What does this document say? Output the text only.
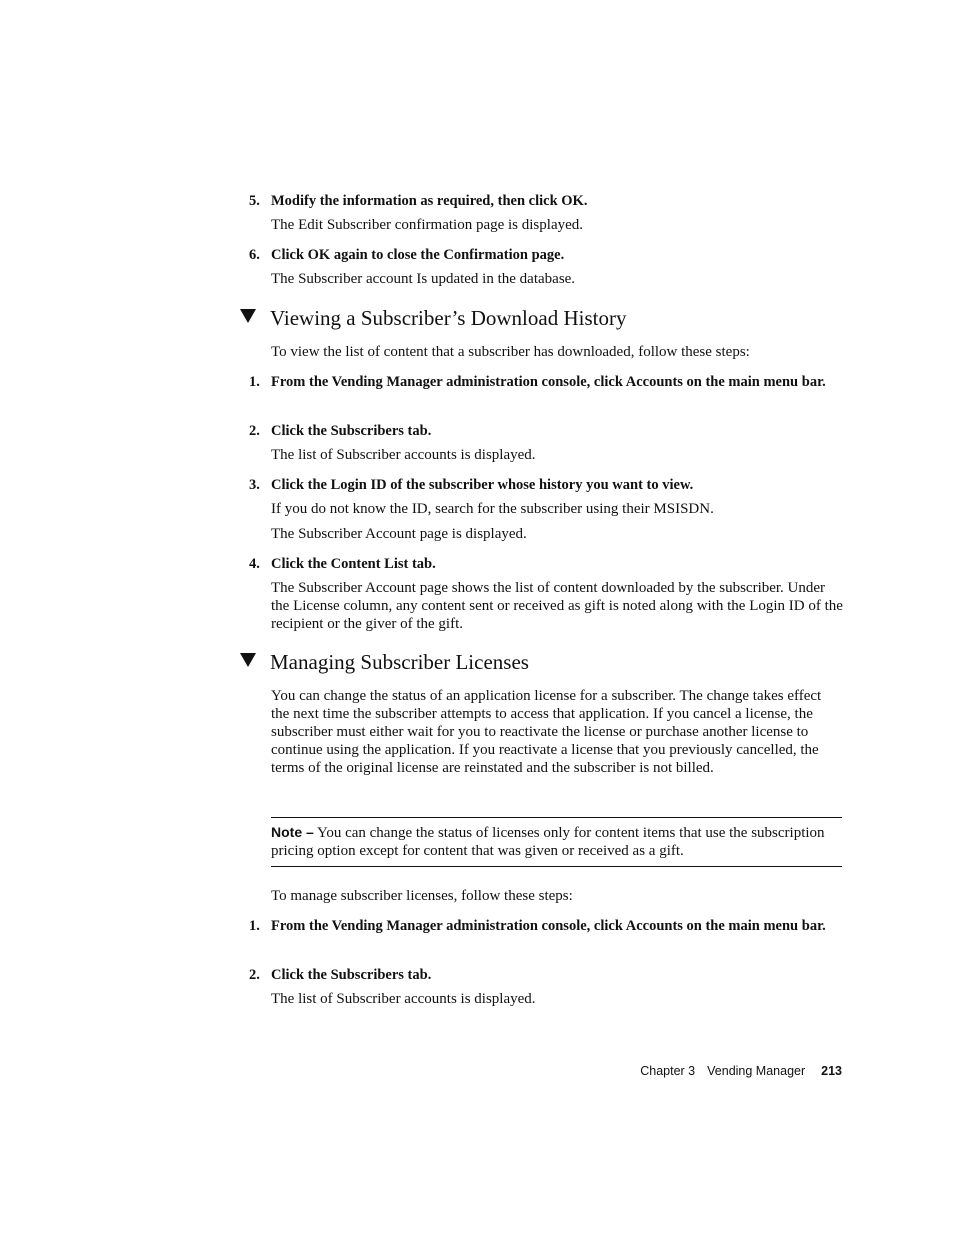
5. Modify the information as required, then click OK.
The Edit Subscriber confirmation page is displayed.
6. Click OK again to close the Confirmation page.
The Subscriber account Is updated in the database.
Viewing a Subscriber’s Download History
To view the list of content that a subscriber has downloaded, follow these steps:
1. From the Vending Manager administration console, click Accounts on the main menu bar.
2. Click the Subscribers tab.
The list of Subscriber accounts is displayed.
3. Click the Login ID of the subscriber whose history you want to view.
If you do not know the ID, search for the subscriber using their MSISDN.
The Subscriber Account page is displayed.
4. Click the Content List tab.
The Subscriber Account page shows the list of content downloaded by the subscriber. Under the License column, any content sent or received as gift is noted along with the Login ID of the recipient or the giver of the gift.
Managing Subscriber Licenses
You can change the status of an application license for a subscriber. The change takes effect the next time the subscriber attempts to access that application. If you cancel a license, the subscriber must either wait for you to reactivate the license or purchase another license to continue using the application. If you reactivate a license that you previously cancelled, the terms of the original license are reinstated and the subscriber is not billed.
Note – You can change the status of licenses only for content items that use the subscription pricing option except for content that was given or received as a gift.
To manage subscriber licenses, follow these steps:
1. From the Vending Manager administration console, click Accounts on the main menu bar.
2. Click the Subscribers tab.
The list of Subscriber accounts is displayed.
Chapter 3 Vending Manager 213
